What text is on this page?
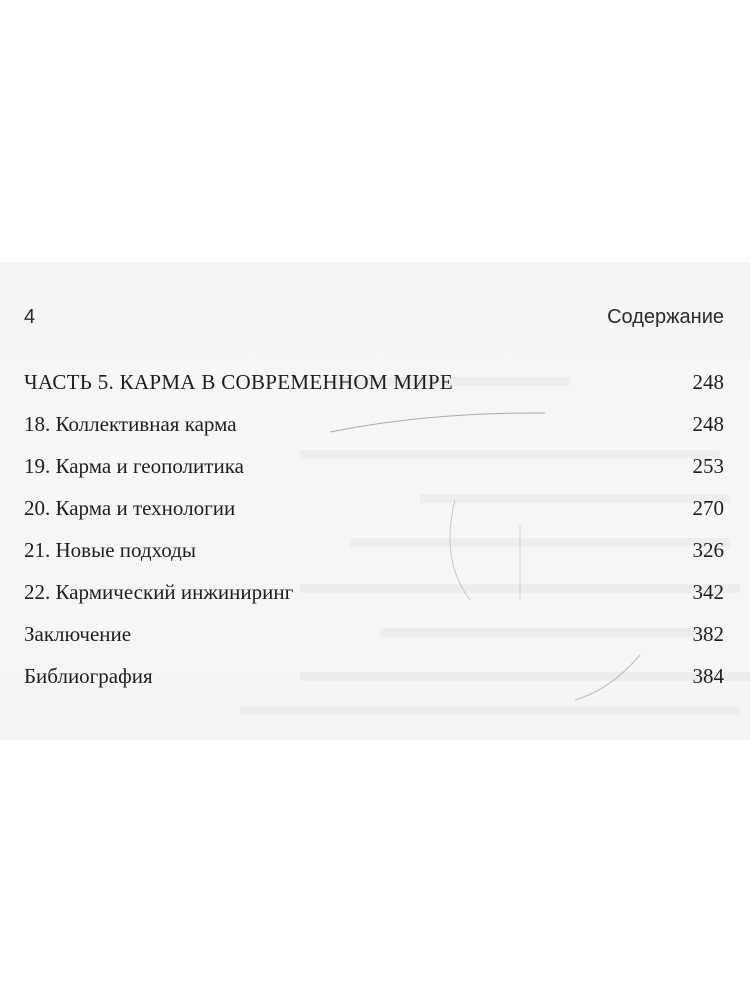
4	Содержание
ЧАСТЬ 5. КАРМА В СОВРЕМЕННОМ МИРЕ	248
18. Коллективная карма	248
19. Карма и геополитика	253
20. Карма и технологии	270
21. Новые подходы	326
22. Кармический инжиниринг	342
Заключение	382
Библиография	384
